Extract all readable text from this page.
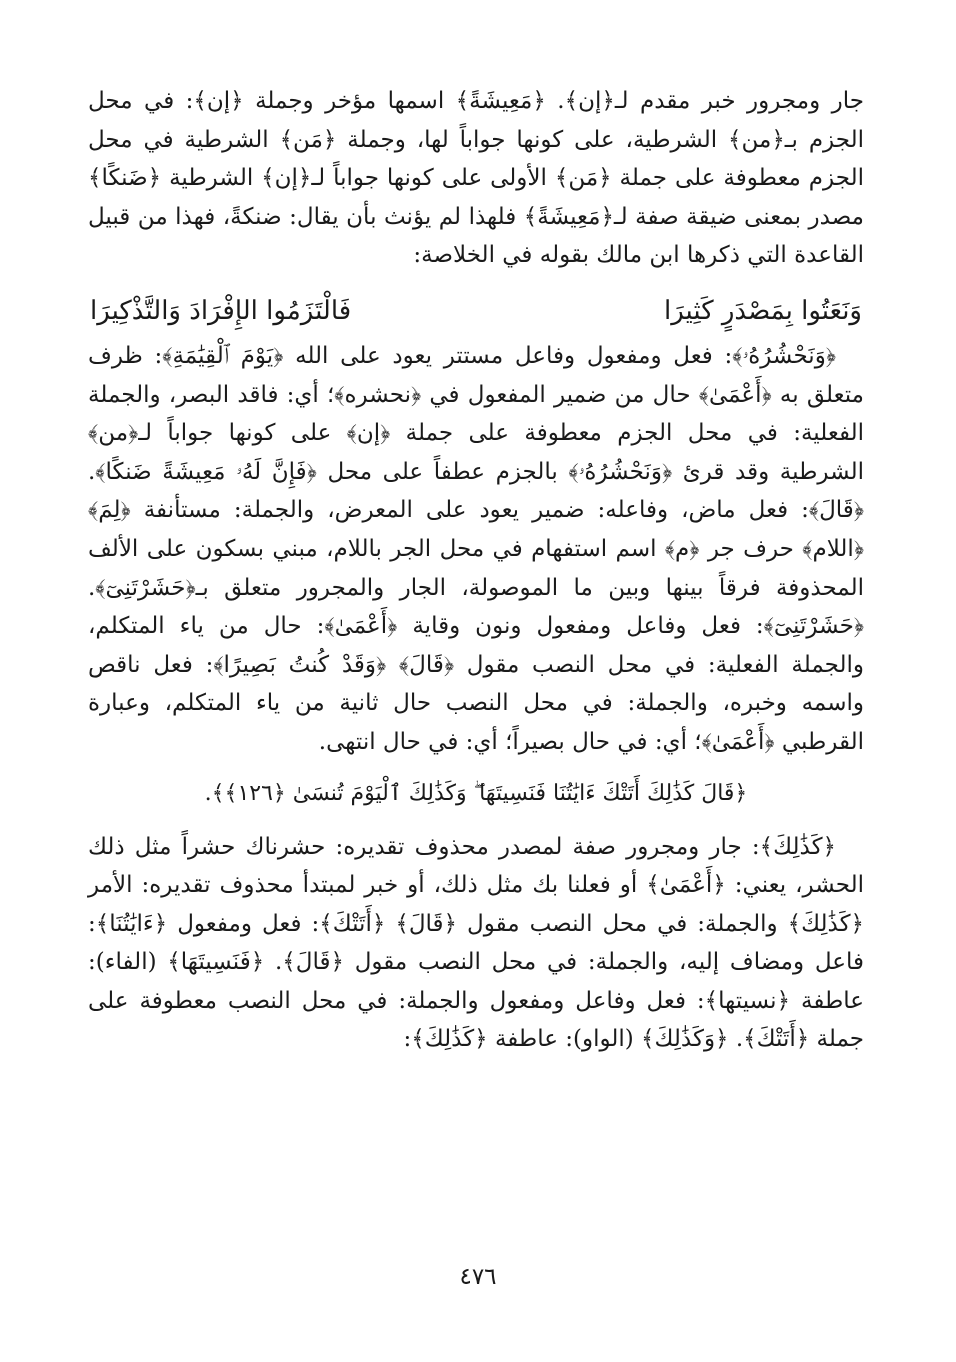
جار ومجرور خبر مقدم لـ﴿إن﴾. ﴿مَعِيشَةً﴾ اسمها مؤخر وجملة ﴿إن﴾: في محل الجزم بـ﴿من﴾ الشرطية، على كونها جواباً لها، وجملة ﴿مَن﴾ الشرطية في محل الجزم معطوفة على جملة ﴿مَن﴾ الأولى على كونها جواباً لـ﴿إن﴾ الشرطية ﴿ضَنكًا﴾ مصدر بمعنى ضيقة صفة لـ﴿مَعِيشَةً﴾ فلهذا لم يؤنث بأن يقال: ضنكةً، فهذا من قبيل القاعدة التي ذكرها ابن مالك بقوله في الخلاصة:

وَنَعَتُوا بِمَصْدَرٍ كَثِيرَا
فَالْتَزَمُوا الإِفْرَادَ وَالتَّذْكِيرَا

﴿وَنَحْشُرُهُۥ﴾: فعل ومفعول وفاعل مستتر يعود على الله ﴿يَوْمَ ٱلْقِيَٰمَةِ﴾: ظرف متعلق به ﴿أَعْمَىٰ﴾ حال من ضمير المفعول في ﴿نحشره﴾؛ أي: فاقد البصر، والجملة الفعلية: في محل الجزم معطوفة على جملة ﴿إن﴾ على كونها جواباً لـ﴿من﴾ الشرطية وقد قرئ ﴿وَنَحْشُرُهُۥ﴾ بالجزم عطفاً على محل ﴿فَإِنَّ لَهُۥ مَعِيشَةً ضَنكًا﴾. ﴿قَالَ﴾: فعل ماض، وفاعله: ضمير يعود على المعرض، والجملة: مستأنفة ﴿لِمَ﴾ ﴿اللام﴾ حرف جر ﴿م﴾ اسم استفهام في محل الجر باللام، مبني بسكون على الألف المحذوفة فرقاً بينها وبين ما الموصولة، الجار والمجرور متعلق بـ﴿حَشَرْتَنِىٓ﴾. ﴿حَشَرْتَنِىٓ﴾: فعل وفاعل ومفعول ونون وقاية ﴿أَعْمَىٰ﴾: حال من ياء المتكلم، والجملة الفعلية: في محل النصب مقول ﴿قَالَ﴾ ﴿وَقَدْ كُنتُ بَصِيرًا﴾: فعل ناقص واسمه وخبره، والجملة: في محل النصب حال ثانية من ياء المتكلم، وعبارة القرطبي ﴿أَعْمَىٰ﴾؛ أي: في حال بصيراً؛ أي: في حال انتهى.

﴿قَالَ كَذَٰلِكَ أَتَتْكَ ءَايَٰتُنَا فَنَسِيتَهَا ۖ وَكَذَٰلِكَ ٱلْيَوْمَ تُنسَىٰ ﴿١٢٦﴾﴾.

﴿كَذَٰلِكَ﴾: جار ومجرور صفة لمصدر محذوف تقديره: حشرناك حشراً مثل ذلك الحشر، يعني: ﴿أَعْمَىٰ﴾ أو فعلنا بك مثل ذلك، أو خبر لمبتدأ محذوف تقديره: الأمر ﴿كَذَٰلِكَ﴾ والجملة: في محل النصب مقول ﴿قَالَ﴾ ﴿أَتَتْكَ﴾: فعل ومفعول ﴿ءَايَٰتُنَا﴾: فاعل ومضاف إليه، والجملة: في محل النصب مقول ﴿قَالَ﴾. ﴿فَنَسِيتَهَا﴾ (الفاء): عاطفة ﴿نسيتها﴾: فعل وفاعل ومفعول والجملة: في محل النصب معطوفة على جملة ﴿أَتَتْكَ﴾. ﴿وَكَذَٰلِكَ﴾ (الواو): عاطفة ﴿كَذَٰلِكَ﴾:

٤٧٦
